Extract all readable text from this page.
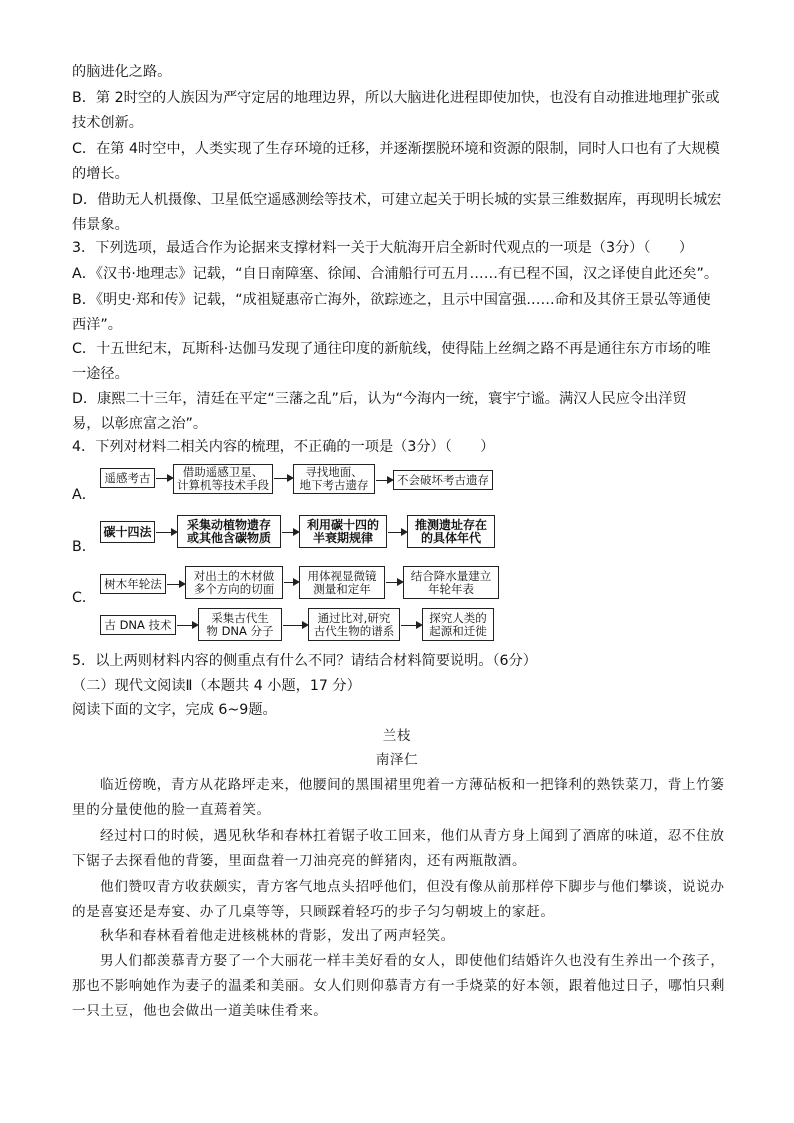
的脑进化之路。
B．第 2时空的人族因为严守定居的地理边界，所以大脑进化进程即使加快，也没有自动推进地理扩张或
技术创新。
C．在第 4时空中，人类实现了生存环境的迁移，并逐渐摆脱环境和资源的限制，同时人口也有了大规模
的增长。
D．借助无人机摄像、卫星低空遥感测绘等技术，可建立起关于明长城的实景三维数据库，再现明长城宏
伟景象。
3．下列选项，最适合作为论据来支撑材料一关于大航海开启全新时代观点的一项是（3分）（　　）
A．《汉书·地理志》记载，“自日南障塞、徐闻、合浦船行可五月……有已程不国，汉之译使自此还矣”。
B．《明史·郑和传》记载，“成祖疑惠帝亡海外，欲踪迹之，且示中国富强……命和及其侪王景弘等通使
西洋”。
C．十五世纪末，瓦斯科·达伽马发现了通往印度的新航线，使得陆上丝绸之路不再是通往东方市场的唯
一途径。
D．康熙二十三年，清廷在平定“三藩之乱”后，认为“今海内一统，寰宇宁谧。满汉人民应令出洋贸
易，以彰庶富之治”。
4．下列对材料二相关内容的梳理，不正确的一项是（3分）（　　）
A．
遥感考古	借助遥感卫星、
计算机等技术手段
寻找地面、
地下考古遗存	不会破坏考古遗存
B．
碳十四法	采集动植物遗存
或其他含碳物质
利用碳十四的
半衰期规律
推测遗址存在
的具体年代
C．
树木年轮法
对出土的木材做
多个方向的切面
用体视显微镜
测量和定年
结合降水量建立
年轮年表
古 DNA 技术	采集古代生
物 DNA 分子
通过比对,研究
古代生物的谱系
探究人类的
起源和迁徙
5．以上两则材料内容的侧重点有什么不同？请结合材料简要说明。（6分）
（二）现代文阅读Ⅱ（本题共 4 小题，17 分）
阅读下面的文字，完成 6~9题。
兰枝
南泽仁
临近傍晚，青方从花路坪走来，他腰间的黑围裙里兜着一方薄砧板和一把锋利的熟铁菜刀，背上竹篓
里的分量使他的脸一直蔫着笑。
经过村口的时候，遇见秋华和春林扛着锯子收工回来，他们从青方身上闻到了酒席的味道，忍不住放
下锯子去探看他的背篓，里面盘着一刀油亮亮的鲜猪肉，还有两瓶散酒。
他们赞叹青方收获颇实，青方客气地点头招呼他们，但没有像从前那样停下脚步与他们攀谈，说说办
的是喜宴还是寿宴、办了几桌等等，只顾踩着轻巧的步子匀匀朝坡上的家赶。
秋华和春林看着他走进核桃林的背影，发出了两声轻笑。
男人们都羡慕青方娶了一个大丽花一样丰美好看的女人，即使他们结婚许久也没有生养出一个孩子，
那也不影响她作为妻子的温柔和美丽。女人们则仰慕青方有一手烧菜的好本领，跟着他过日子，哪怕只剩
一只土豆，他也会做出一道美味佳肴来。
